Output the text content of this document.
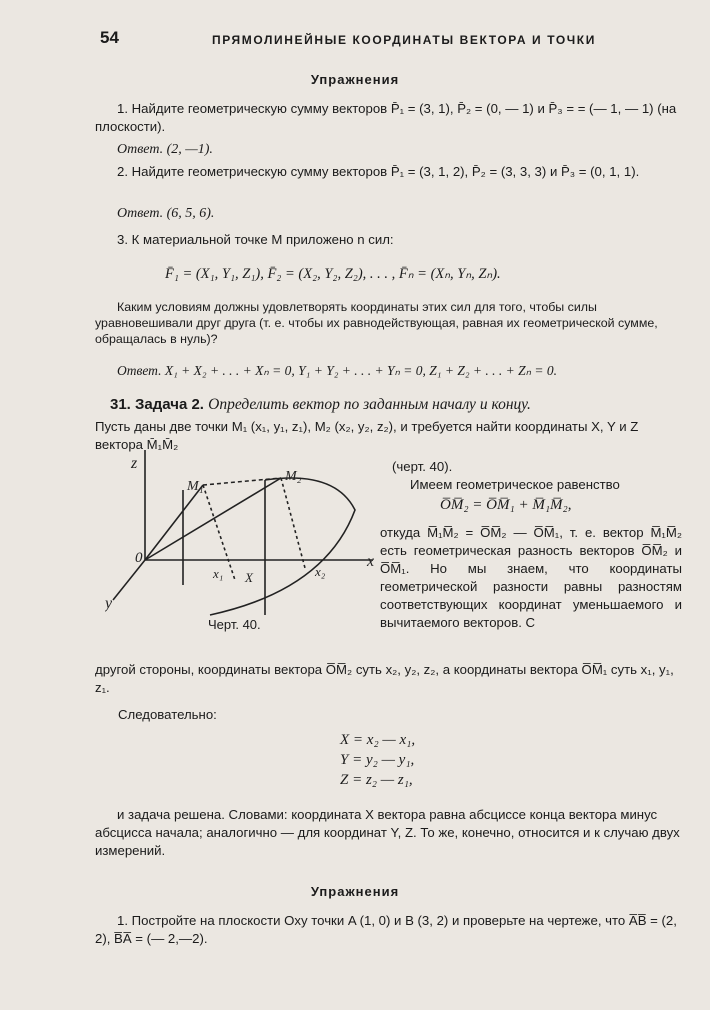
54	ПРЯМОЛИНЕЙНЫЕ КООРДИНАТЫ ВЕКТОРА И ТОЧКИ
Упражнения
1. Найдите геометрическую сумму векторов P̄₁ = (3, 1), P̄₂ = (0, — 1) и P̄₃ = = (— 1, — 1) (на плоскости).
Ответ. (2, —1).
2. Найдите геометрическую сумму векторов P̄₁ = (3, 1, 2), P̄₂ = (3, 3, 3) и P̄₃ = (0, 1, 1).
Ответ. (6, 5, 6).
3. К материальной точке M приложено n сил:
F̄₁ = (X₁, Y₁, Z₁), F̄₂ = (X₂, Y₂, Z₂), . . . , F̄ₙ = (Xₙ, Yₙ, Zₙ).
Каким условиям должны удовлетворять координаты этих сил для того, чтобы силы уравновешивали друг друга (т. е. чтобы их равнодействующая, равная их геометрической сумме, обращалась в нуль)?
Ответ. X₁ + X₂ + . . . + Xₙ = 0, Y₁ + Y₂ + . . . + Yₙ = 0, Z₁ + Z₂ + . . . + Zₙ = 0.
31. Задача 2. Определить вектор по заданным началу и концу.
Пусть даны две точки M₁ (x₁, y₁, z₁), M₂ (x₂, y₂, z₂), и требуется найти координаты X, Y и Z вектора M̄₁M̄₂
(черт. 40).
Имеем геометрическое равенство
O̅M̅₂ = O̅M̅₁ + M̅₁M̅₂,
откуда M̅₁M̅₂ = O̅M̅₂ — O̅M̅₁, т. е. вектор M̅₁M̅₂ есть геометрическая разность векторов O̅M̅₂ и O̅M̅₁. Но мы знаем, что координаты геометрической разности равны разностям соответствующих координат уменьшаемого и вычитаемого векторов. С
z
0
y
x
M₁
M₂
x₁	x₂
X
Черт. 40.
другой стороны, координаты вектора O̅M̅₂ суть x₂, y₂, z₂, а координаты вектора O̅M̅₁ суть x₁, y₁, z₁.
Следовательно:
X = x₂ — x₁,
Y = y₂ — y₁,
Z = z₂ — z₁,
и задача решена. Словами: координата X вектора равна абсциссе конца вектора минус абсцисса начала; аналогично — для координат Y, Z. То же, конечно, относится и к случаю двух измерений.
Упражнения
1. Постройте на плоскости Oxy точки A (1, 0) и B (3, 2) и проверьте на чертеже, что A̅B̅ = (2, 2), B̅A̅ = (— 2,—2).
